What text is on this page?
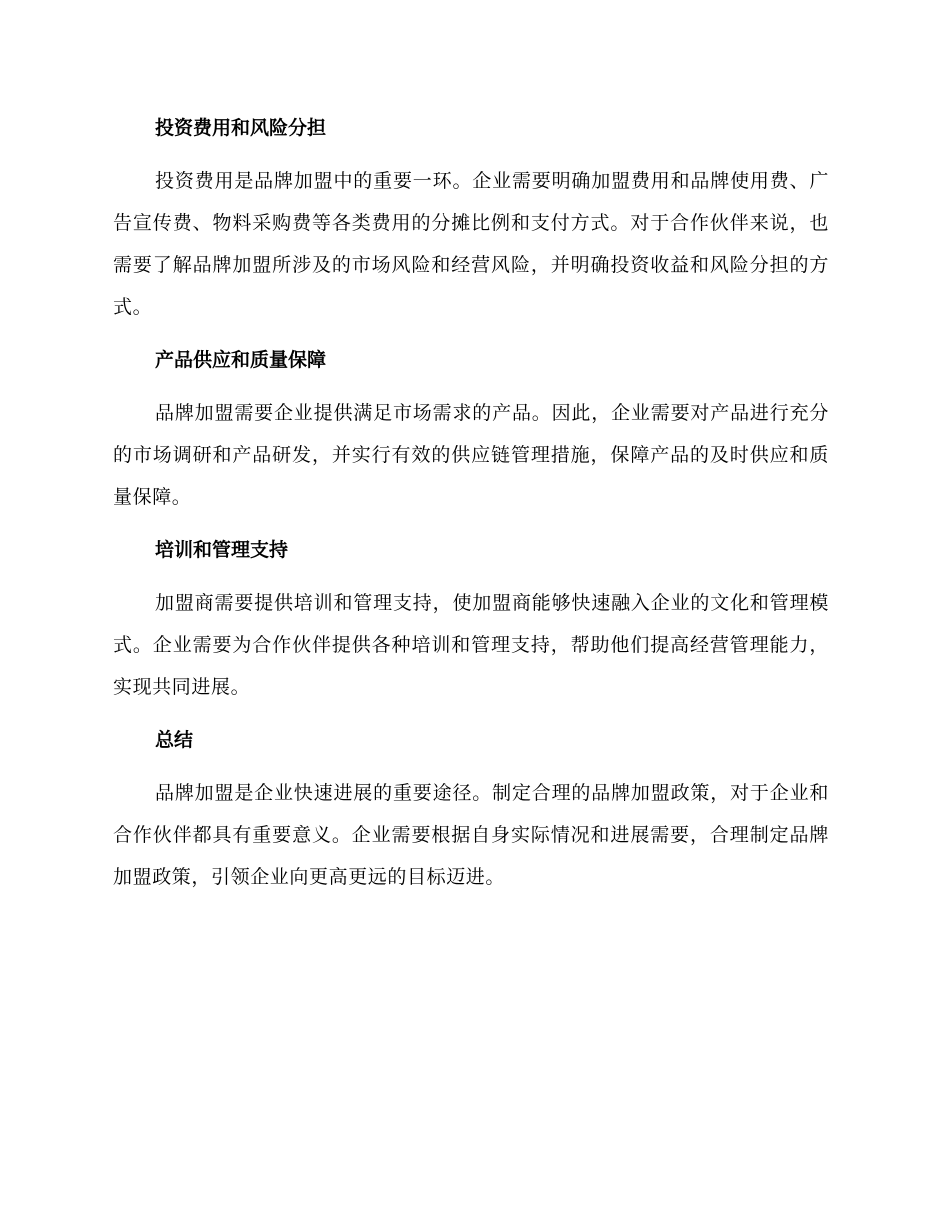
投资费用和风险分担
投资费用是品牌加盟中的重要一环。企业需要明确加盟费用和品牌使用费、广告宣传费、物料采购费等各类费用的分摊比例和支付方式。对于合作伙伴来说，也需要了解品牌加盟所涉及的市场风险和经营风险，并明确投资收益和风险分担的方式。
产品供应和质量保障
品牌加盟需要企业提供满足市场需求的产品。因此，企业需要对产品进行充分的市场调研和产品研发，并实行有效的供应链管理措施，保障产品的及时供应和质量保障。
培训和管理支持
加盟商需要提供培训和管理支持，使加盟商能够快速融入企业的文化和管理模式。企业需要为合作伙伴提供各种培训和管理支持，帮助他们提高经营管理能力，实现共同进展。
总结
品牌加盟是企业快速进展的重要途径。制定合理的品牌加盟政策，对于企业和合作伙伴都具有重要意义。企业需要根据自身实际情况和进展需要，合理制定品牌加盟政策，引领企业向更高更远的目标迈进。
